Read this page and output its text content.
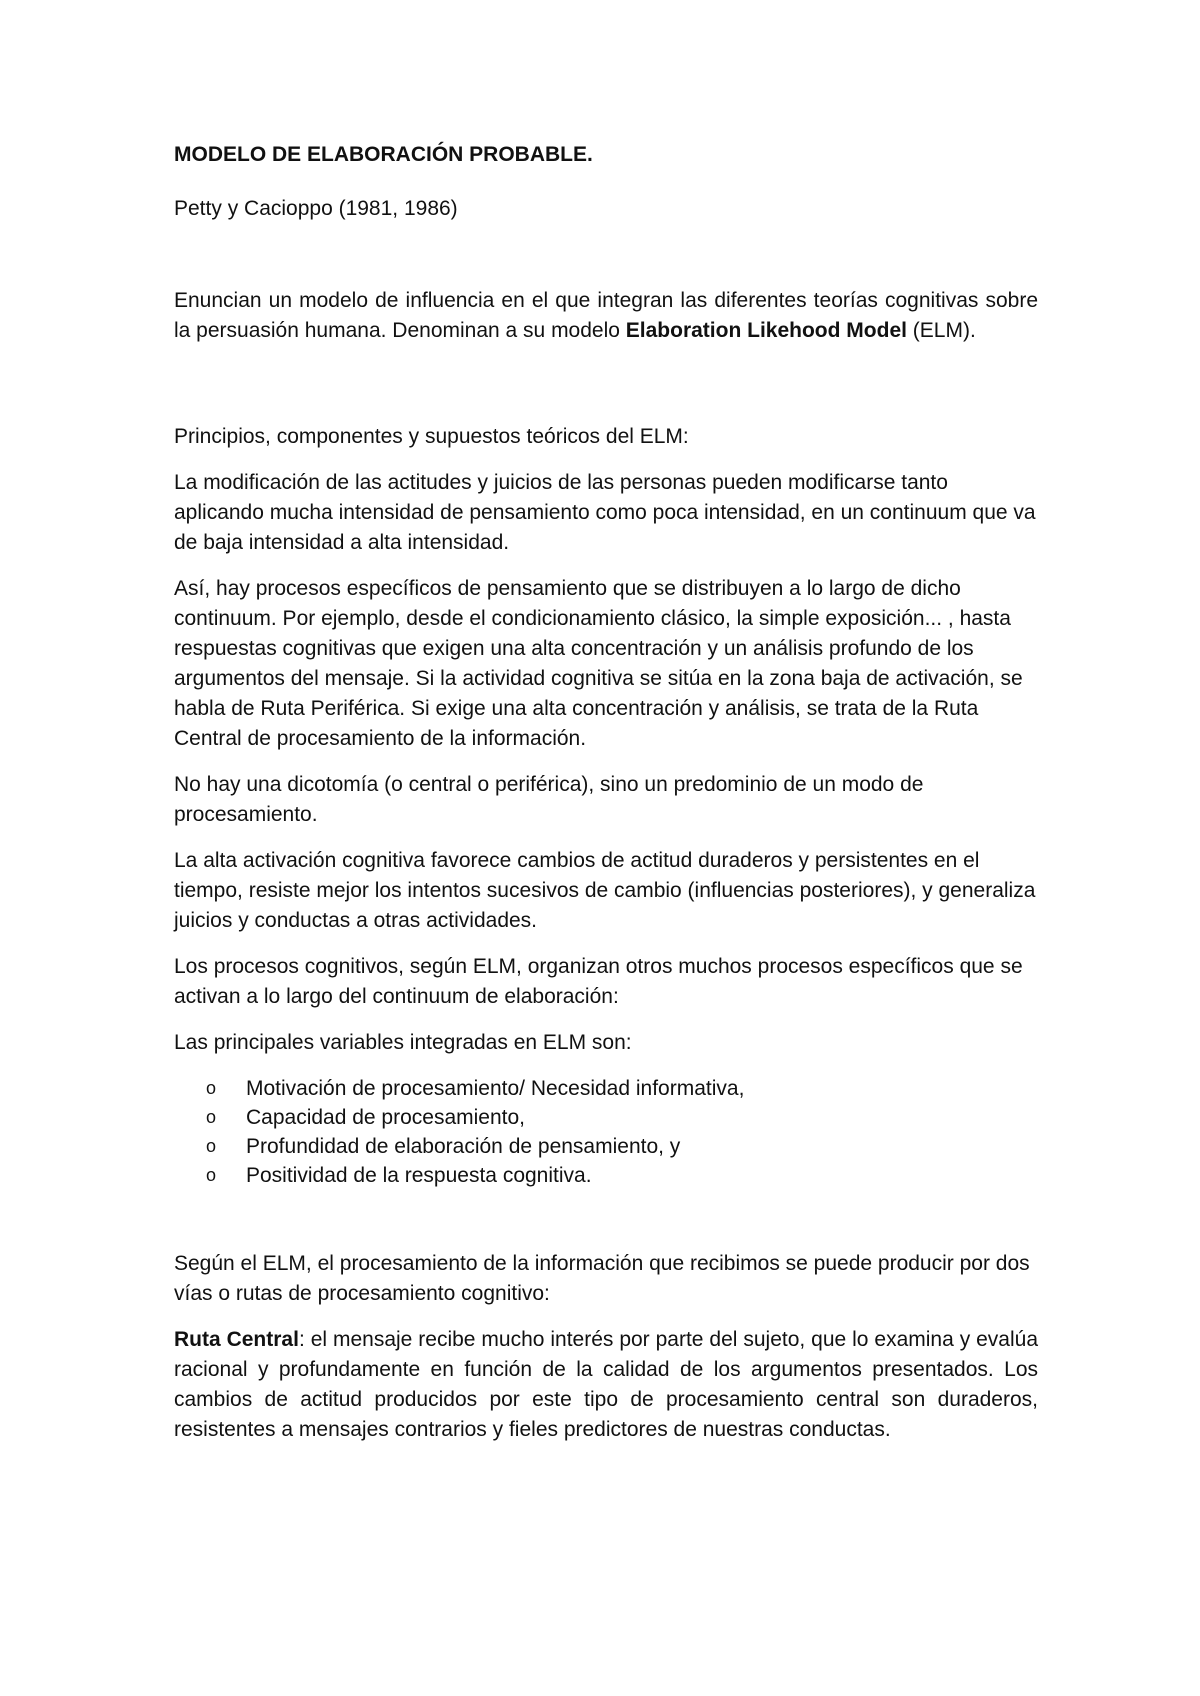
MODELO DE ELABORACIÓN PROBABLE.

Petty y Cacioppo (1981, 1986)

Enuncian un modelo de influencia en el que integran las diferentes teorías cognitivas sobre la persuasión humana. Denominan a su modelo Elaboration Likehood Model (ELM).

Principios, componentes y supuestos teóricos del ELM:

La modificación de las actitudes y juicios de las personas pueden modificarse tanto aplicando mucha intensidad de pensamiento como poca intensidad, en un continuum que va de baja intensidad a alta intensidad.

Así, hay procesos específicos de pensamiento que se distribuyen a lo largo de dicho continuum. Por ejemplo, desde el condicionamiento clásico, la simple exposición... , hasta respuestas cognitivas que exigen una alta concentración y un análisis profundo de los argumentos del mensaje. Si la actividad cognitiva se sitúa en la zona baja de activación, se habla de Ruta Periférica. Si exige una alta concentración y análisis, se trata de la Ruta Central de procesamiento de la información.

No hay una dicotomía (o central o periférica), sino un predominio de un modo de procesamiento.

La alta activación cognitiva favorece cambios de actitud duraderos y persistentes en el tiempo, resiste mejor los intentos sucesivos de cambio (influencias posteriores), y generaliza juicios y conductas a otras actividades.

Los procesos cognitivos, según ELM, organizan otros muchos procesos específicos que se activan a lo largo del continuum de elaboración:

Las principales variables integradas en ELM son:

o Motivación de procesamiento/ Necesidad informativa,
o Capacidad de procesamiento,
o Profundidad de elaboración de pensamiento, y
o Positividad de la respuesta cognitiva.

Según el ELM, el procesamiento de la información que recibimos se puede producir por dos vías o rutas de procesamiento cognitivo:

Ruta Central: el mensaje recibe mucho interés por parte del sujeto, que lo examina y evalúa racional y profundamente en función de la calidad de los argumentos presentados. Los cambios de actitud producidos por este tipo de procesamiento central son duraderos, resistentes a mensajes contrarios y fieles predictores de nuestras conductas.
